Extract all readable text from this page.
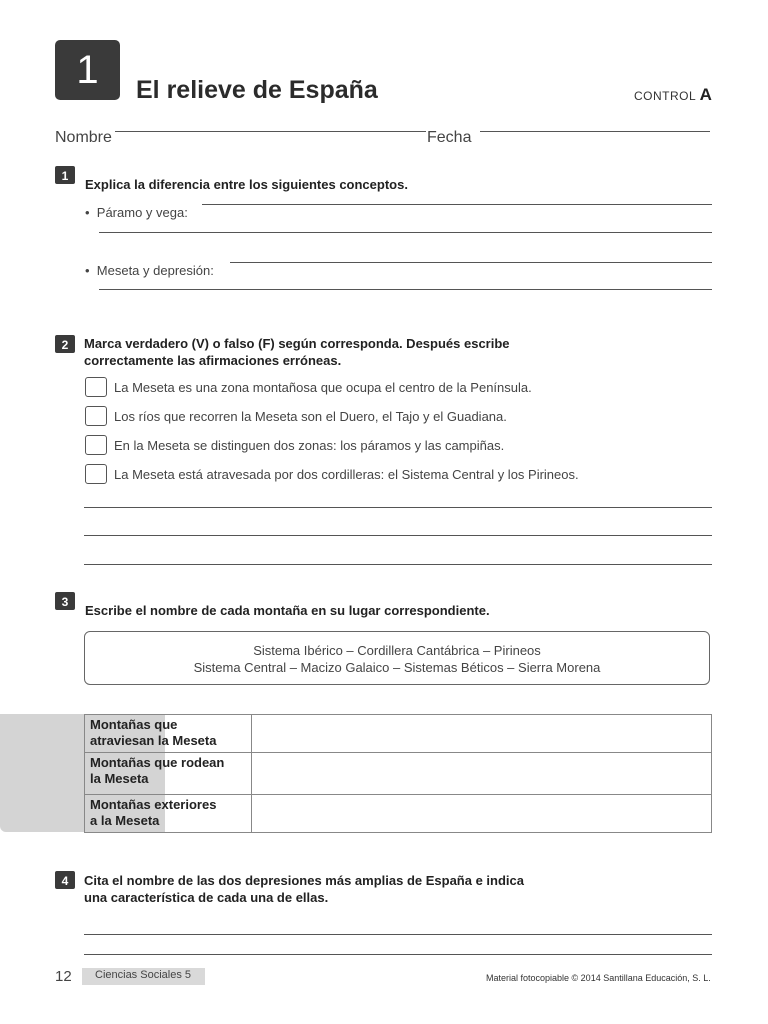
1	El relieve de España	CONTROL A
Nombre	Fecha
1
Explica la diferencia entre los siguientes conceptos.
•  Páramo y vega:
•  Meseta y depresión:
2	Marca verdadero (V) o falso (F) según corresponda. Después escribe
correctamente las afirmaciones erróneas.
La Meseta es una zona montañosa que ocupa el centro de la Península.
Los ríos que recorren la Meseta son el Duero, el Tajo y el Guadiana.
En la Meseta se distinguen dos zonas: los páramos y las campiñas.
La Meseta está atravesada por dos cordilleras: el Sistema Central y los Pirineos.
3
Escribe el nombre de cada montaña en su lugar correspondiente.
Sistema Ibérico – Cordillera Cantábrica – Pirineos
Sistema Central – Macizo Galaico – Sistemas Béticos – Sierra Morena
Montañas que
atraviesan la Meseta	

Montañas que rodean
la Meseta	

Montañas exteriores
a la Meseta	

4	Cita el nombre de las dos depresiones más amplias de España e indica
una característica de cada una de ellas.
12	Ciencias Sociales 5	Material fotocopiable © 2014 Santillana Educación, S. L.
